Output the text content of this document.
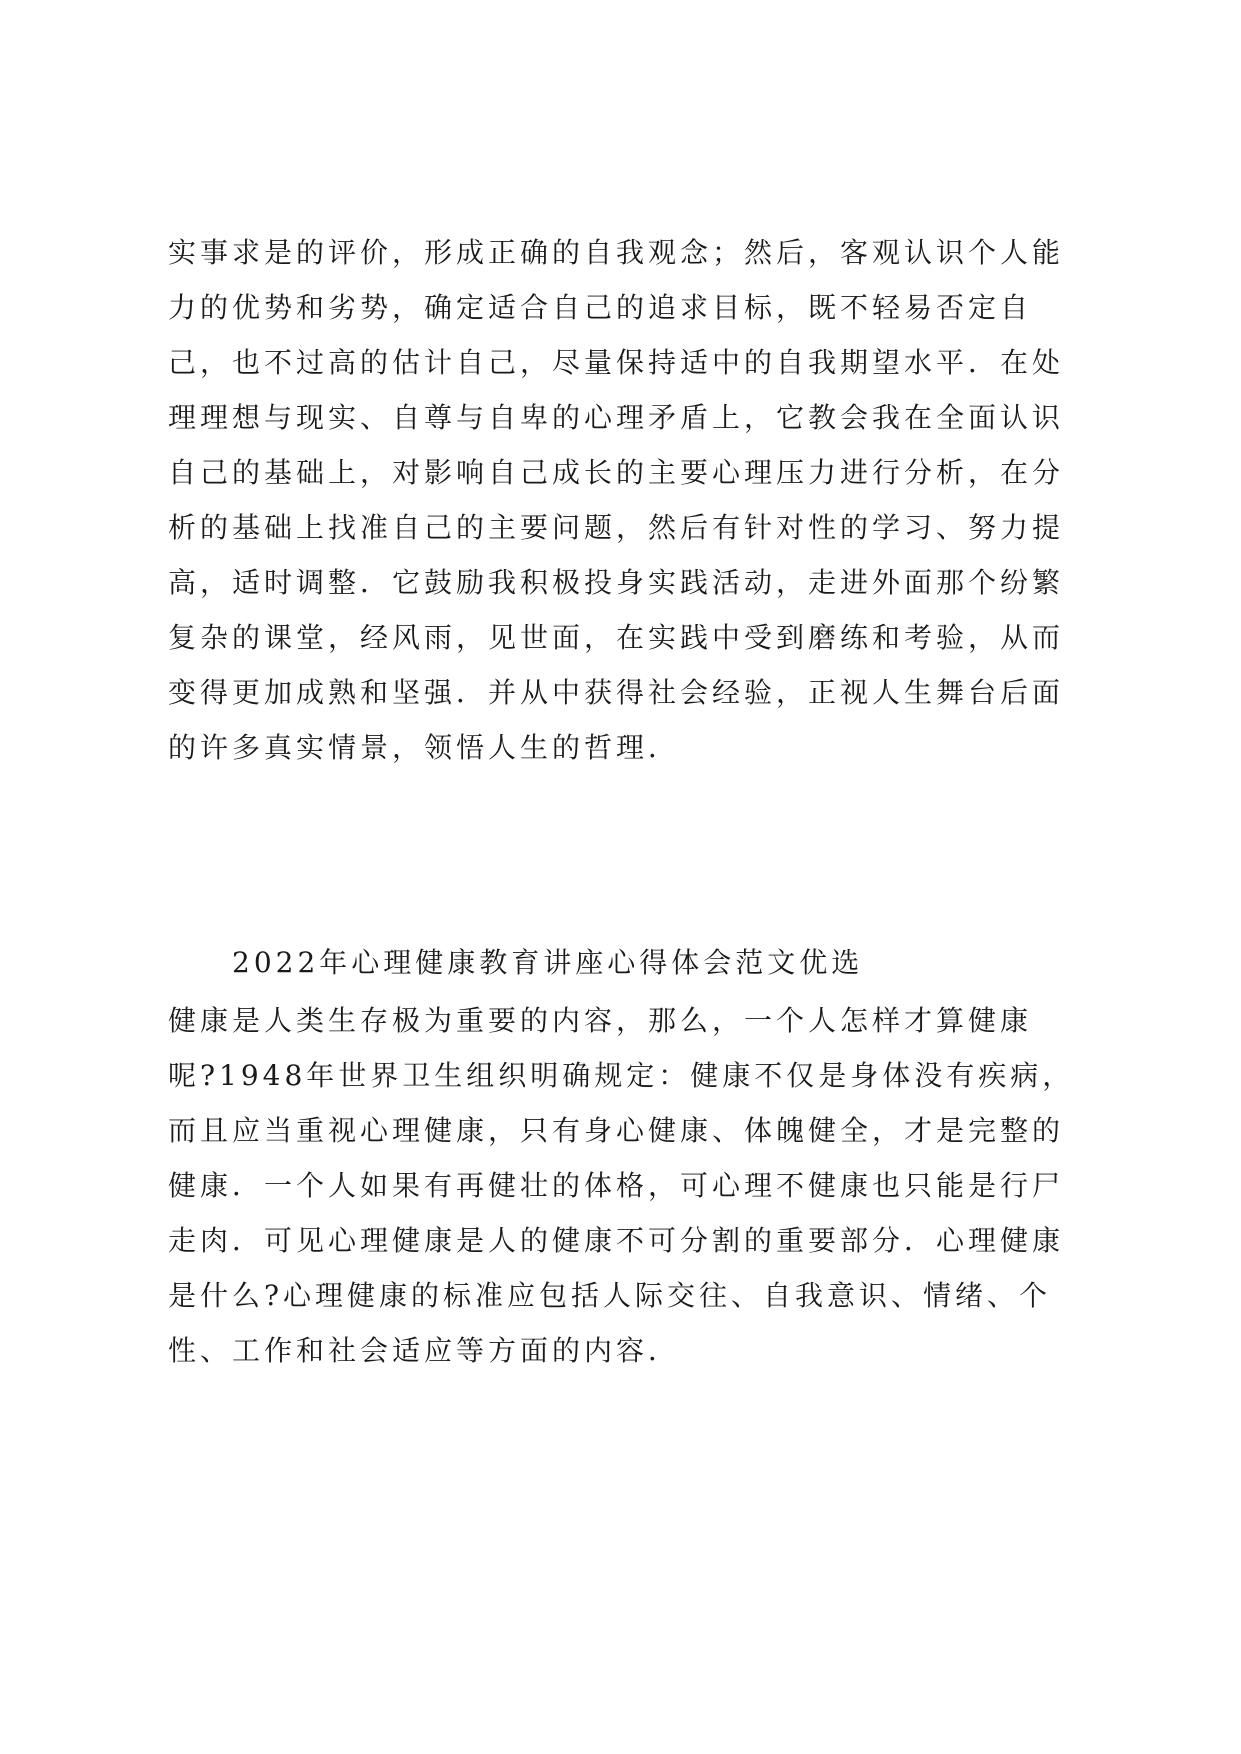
实事求是的评价，形成正确的自我观念；然后，客观认识个人能
力的优势和劣势，确定适合自己的追求目标，既不轻易否定自
己，也不过高的估计自己，尽量保持适中的自我期望水平．在处
理理想与现实、自尊与自卑的心理矛盾上，它教会我在全面认识
自己的基础上，对影响自己成长的主要心理压力进行分析，在分
析的基础上找准自己的主要问题，然后有针对性的学习、努力提
高，适时调整．它鼓励我积极投身实践活动，走进外面那个纷繁
复杂的课堂，经风雨，见世面，在实践中受到磨练和考验，从而
变得更加成熟和坚强．并从中获得社会经验，正视人生舞台后面
的许多真实情景，领悟人生的哲理．
2022年心理健康教育讲座心得体会范文优选
健康是人类生存极为重要的内容，那么，一个人怎样才算健康
呢?1948年世界卫生组织明确规定：健康不仅是身体没有疾病，
而且应当重视心理健康，只有身心健康、体魄健全，才是完整的
健康．一个人如果有再健壮的体格，可心理不健康也只能是行尸
走肉．可见心理健康是人的健康不可分割的重要部分．心理健康
是什么?心理健康的标准应包括人际交往、自我意识、情绪、个
性、工作和社会适应等方面的内容．
